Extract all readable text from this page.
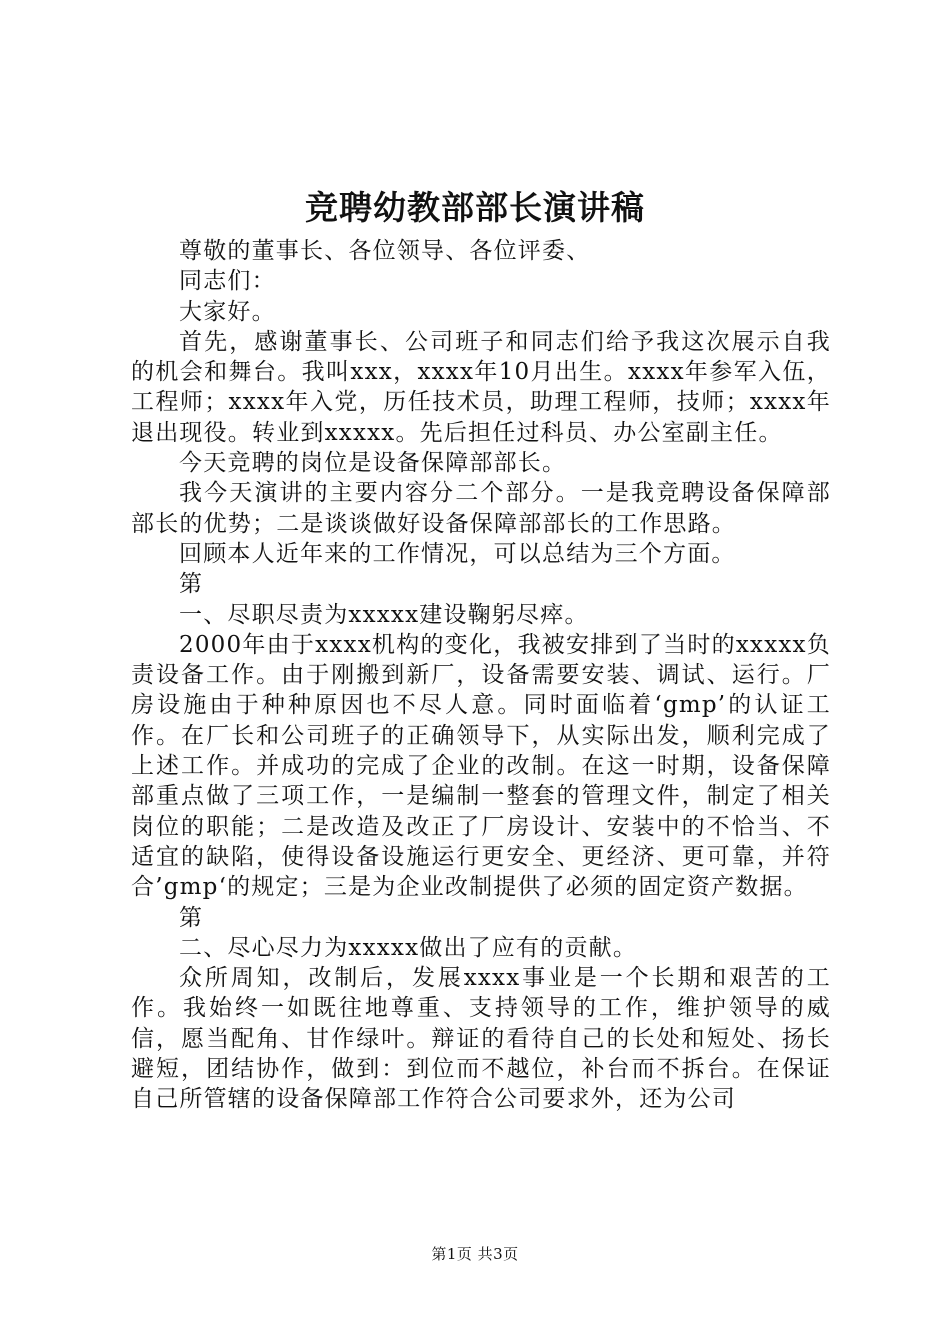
竞聘幼教部部长演讲稿

尊敬的董事长、各位领导、各位评委、

同志们：

大家好。

首先，感谢董事长、公司班子和同志们给予我这次展示自我的机会和舞台。我叫xxx，xxxx年10月出生。xxxx年参军入伍，工程师；xxxx年入党，历任技术员，助理工程师，技师；xxxx年退出现役。转业到xxxxx。先后担任过科员、办公室副主任。

今天竞聘的岗位是设备保障部部长。

我今天演讲的主要内容分二个部分。一是我竞聘设备保障部部长的优势；二是谈谈做好设备保障部部长的工作思路。

回顾本人近年来的工作情况，可以总结为三个方面。

第

一、尽职尽责为xxxxx建设鞠躬尽瘁。

2000年由于xxxx机构的变化，我被安排到了当时的xxxxx负责设备工作。由于刚搬到新厂，设备需要安装、调试、运行。厂房设施由于种种原因也不尽人意。同时面临着‘gmp’的认证工作。在厂长和公司班子的正确领导下，从实际出发，顺利完成了上述工作。并成功的完成了企业的改制。在这一时期，设备保障部重点做了三项工作，一是编制一整套的管理文件，制定了相关岗位的职能；二是改造及改正了厂房设计、安装中的不恰当、不适宜的缺陷，使得设备设施运行更安全、更经济、更可靠，并符合’gmp‘的规定；三是为企业改制提供了必须的固定资产数据。

第

二、尽心尽力为xxxxx做出了应有的贡献。

众所周知，改制后，发展xxxx事业是一个长期和艰苦的工作。我始终一如既往地尊重、支持领导的工作，维护领导的威信，愿当配角、甘作绿叶。辩证的看待自己的长处和短处、扬长避短，团结协作，做到：到位而不越位，补台而不拆台。在保证自己所管辖的设备保障部工作符合公司要求外，还为公司

第1页 共3页
